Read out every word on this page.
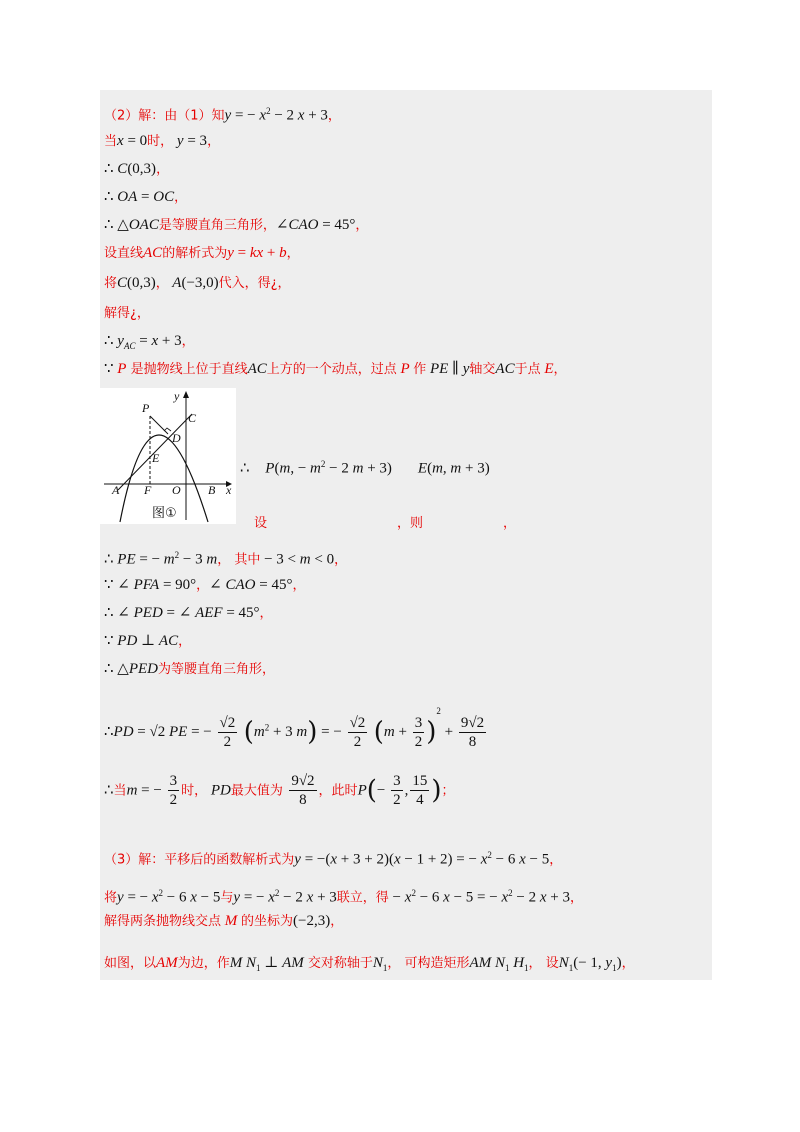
（2）解：由（1）知y = − $x^2 - 2$ x + 3，
当x = 0时， y = 3，
∴ C(0,3)，
∴ OA = OC，
∴ △OAC是等腰直角三角形，∠CAO = 45°，
设直线AC的解析式为y = kx + b，
将C(0,3)， A(−3,0)代入，得¿，
解得¿，
∴ $y_{AC} = x + 3$，
∵ P 是抛物线上位于直线AC上方的一个动点，过点 P 作 PE ∥ y轴交AC于点 E，
P
C
D
E
A F O B x
y
图①
∴ P(m, − $m^2 - 2$ m + 3) E(m, m + 3)
设	，则	，
∴ PE = − $m^2 - 3$ m， 其中 − 3 < m < 0，
∵ ∠ PFA = 90°，∠ CAO = 45°，
∴ ∠ PED = ∠ AEF = 45°，
∵ PD ⊥ AC，
∴ △PED为等腰直角三角形，
∴PD = √2 PE = − $\frac{√2}{2} (m^2 + 3$ m) = − $\frac{√2}{2} (m + \frac{3}{2} )^2 + \frac{9√2}{8}$
∴当m = − $\frac{3}{2}$ 时， PD最大值为 $\frac{9√2}{8}$ ，此时$P(- \frac{3}{2}$ , $\frac{15}{4}$ )；
（3）解：平移后的函数解析式为y = −(x + 3 + 2)(x − 1 + 2) = − $x^2 - 6$ x − 5，
将y = − $x^2 - 6$ x − 5与y = − $x^2 - 2$ x + 3联立，得 − $x^2 - 6$ x − 5 = − $x^2 - 2$ x + 3，
解得两条抛物线交点 M 的坐标为(−2,3)，
如图，以AM为边，作M $N_1$ ⊥ AM 交对称轴于$N_1$， 可构造矩形AM $N_1$ $H_1$， 设$N_1(- 1$, $y_1$)，
